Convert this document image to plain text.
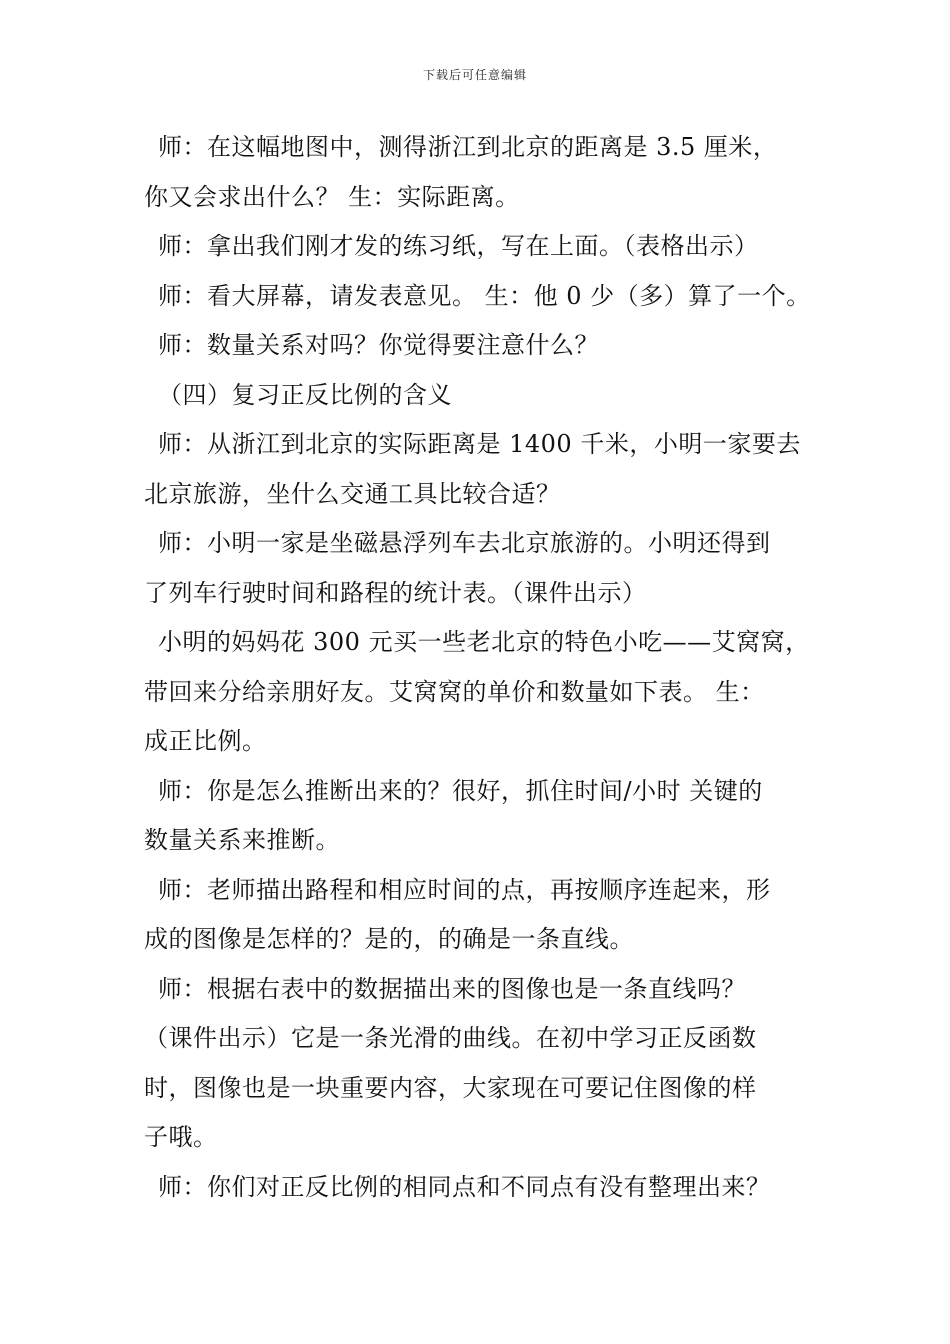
下载后可任意编辑
师：在这幅地图中，测得浙江到北京的距离是 3.5 厘米，
你又会求出什么？ 生：实际距离。
师：拿出我们刚才发的练习纸，写在上面。（表格出示）
师：看大屏幕，请发表意见。 生：他 0 少（多）算了一个。
师：数量关系对吗？你觉得要注意什么？
（四）复习正反比例的含义
师：从浙江到北京的实际距离是 1400 千米，小明一家要去
北京旅游，坐什么交通工具比较合适？
师：小明一家是坐磁悬浮列车去北京旅游的。小明还得到
了列车行驶时间和路程的统计表。（课件出示）
小明的妈妈花 300 元买一些老北京的特色小吃——艾窝窝，
带回来分给亲朋好友。艾窝窝的单价和数量如下表。 生：
成正比例。
师：你是怎么推断出来的？很好，抓住时间/小时 关键的
数量关系来推断。
师：老师描出路程和相应时间的点，再按顺序连起来，形
成的图像是怎样的？是的，的确是一条直线。
师：根据右表中的数据描出来的图像也是一条直线吗？
（课件出示）它是一条光滑的曲线。在初中学习正反函数
时，图像也是一块重要内容，大家现在可要记住图像的样
子哦。
师：你们对正反比例的相同点和不同点有没有整理出来？
